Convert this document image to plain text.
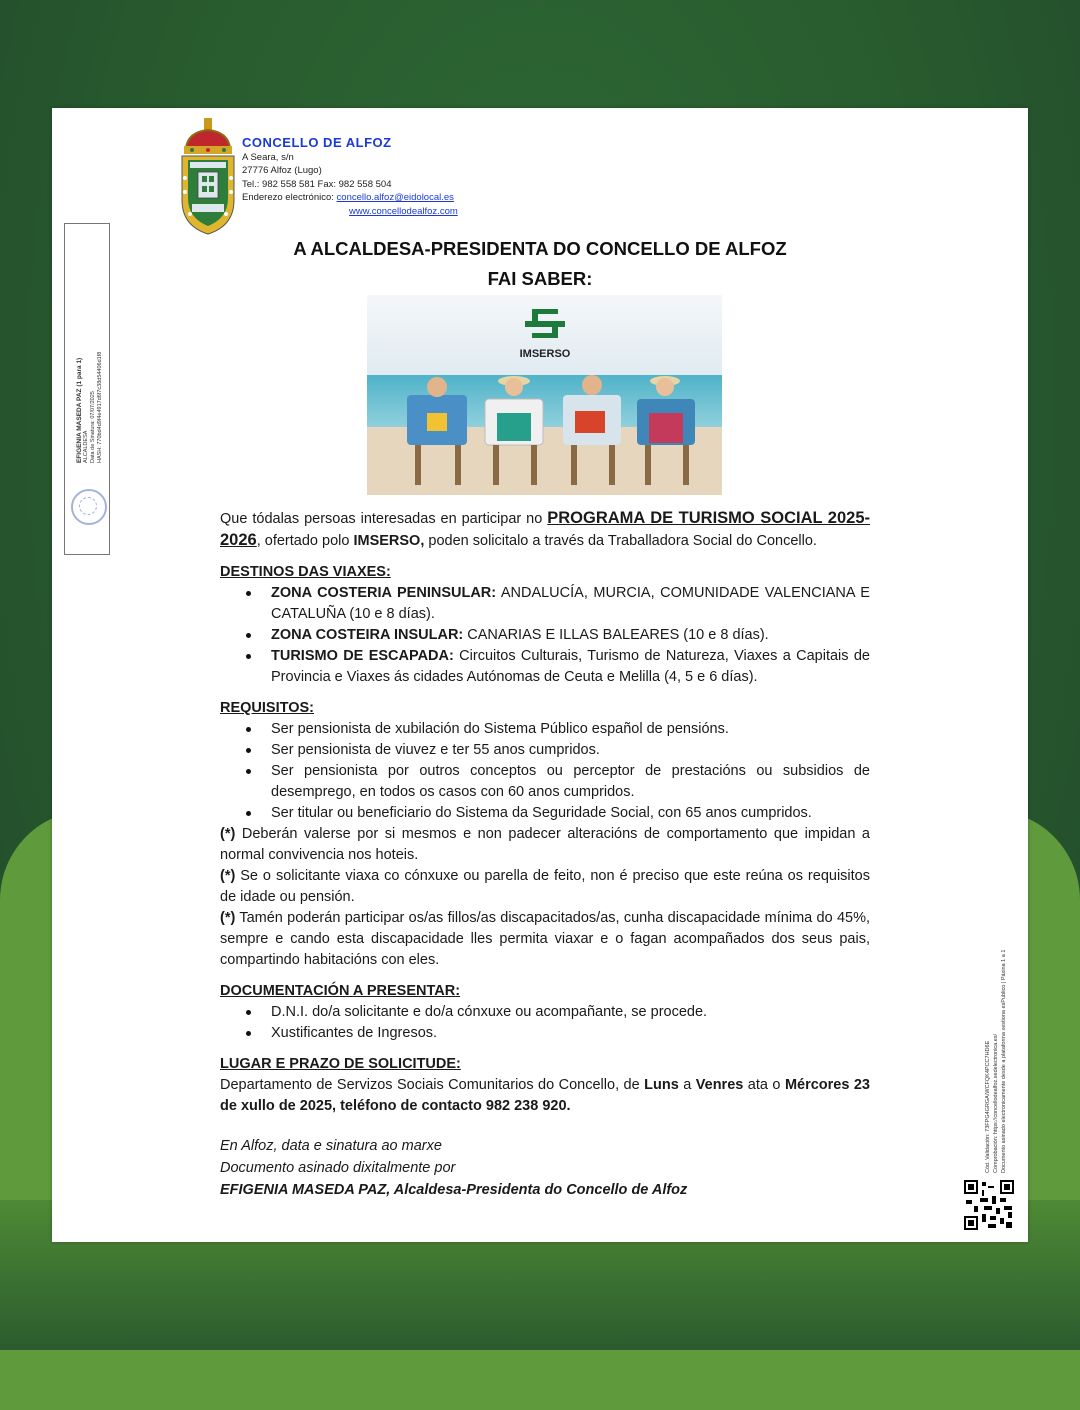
CONCELLO DE ALFOZ
A Seara, s/n
27776 Alfoz (Lugo)
Tel.: 982 558 581 Fax: 982 558 504
Enderezo electrónico: concello.alfoz@eidolocal.es
www.concellodealfoz.com
EFIGENIA MASEDA PAZ (1 para 1) ALCALDESA Data de Sinatura: 07/07/2025 HASH: 770bd4d9f4e4917d6f7c38d54406d1f8
A ALCALDESA-PRESIDENTA DO CONCELLO DE ALFOZ
FAI SABER:
IMSERSO

Que tódalas persoas interesadas en participar no PROGRAMA DE TURISMO SOCIAL 2025-2026, ofertado polo IMSERSO, poden solicitalo a través da Traballadora Social do Concello.

DESTINOS DAS VIAXES:
ZONA COSTERIA PENINSULAR: ANDALUCÍA, MURCIA, COMUNIDADE VALENCIANA E CATALUÑA (10 e 8 días).
ZONA COSTEIRA INSULAR: CANARIAS E ILLAS BALEARES (10 e 8 días).
TURISMO DE ESCAPADA: Circuitos Culturais, Turismo de Natureza, Viaxes a Capitais de Provincia e Viaxes ás cidades Autónomas de Ceuta e Melilla (4, 5 e 6 días).
REQUISITOS:
Ser pensionista de xubilación do Sistema Público español de pensións.
Ser pensionista de viuvez e ter 55 anos cumpridos.
Ser pensionista por outros conceptos ou perceptor de prestacións ou subsidios de desemprego, en todos os casos con 60 anos cumpridos.
Ser titular ou beneficiario do Sistema da Seguridade Social, con 65 anos cumpridos.

(*) Deberán valerse por si mesmos e non padecer alteracións de comportamento que impidan a normal convivencia nos hoteis.

(*) Se o solicitante viaxa co cónxuxe ou parella de feito, non é preciso que este reúna os requisitos de idade ou pensión.

(*) Tamén poderán participar os/as fillos/as discapacitados/as, cunha discapacidade mínima do 45%, sempre e cando esta discapacidade lles permita viaxar e o fagan acompañados dos seus pais, compartindo habitacións con eles.

DOCUMENTACIÓN A PRESENTAR:
D.N.I. do/a solicitante e do/a cónxuxe ou acompañante, se procede.
Xustificantes de Ingresos.
LUGAR E PRAZO DE SOLICITUDE:

Departamento de Servizos Sociais Comunitarios do Concello, de Luns a Venres ata o Mércores 23 de xullo de 2025, teléfono de contacto 982 238 920.

En Alfoz, data e sinatura ao marxe
Documento asinado dixitalmente por
EFIGENIA MASEDA PAZ, Alcaldesa-Presidenta do Concello de Alfoz
Cód. Validación: 73FPG4GRGA/WCFQK4PCC7HD6E Comprobación: https://concellodealfoz.sedelectronica.es/ Documento asinado electronicamente desde a plataforma xestiona esPublico | Páxina 1 a 1
